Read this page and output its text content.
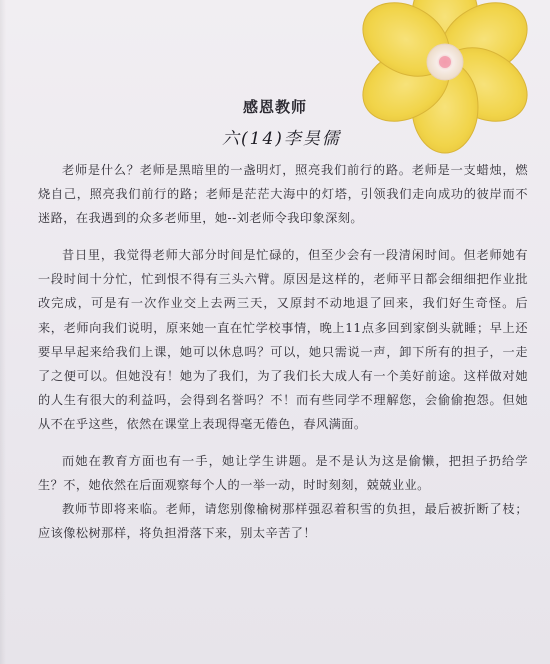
感恩教师
六(14)李昊儒
老师是什么？老师是黑暗里的一盏明灯，照亮我们前行的路。老师是一支蜡烛，燃烧自己，照亮我们前行的路；老师是茫茫大海中的灯塔，引领我们走向成功的彼岸而不迷路，在我遇到的众多老师里，她--刘老师令我印象深刻。
昔日里，我觉得老师大部分时间是忙碌的，但至少会有一段清闲时间。但老师她有一段时间十分忙，忙到恨不得有三头六臂。原因是这样的，老师平日都会细细把作业批改完成，可是有一次作业交上去两三天，又原封不动地退了回来，我们好生奇怪。后来，老师向我们说明，原来她一直在忙学校事情，晚上11点多回到家倒头就睡；早上还要早早起来给我们上课，她可以休息吗？可以，她只需说一声，卸下所有的担子，一走了之便可以。但她没有！她为了我们，为了我们长大成人有一个美好前途。这样做对她的人生有很大的利益吗，会得到名誉吗？不！而有些同学不理解您，会偷偷抱怨。但她从不在乎这些，依然在课堂上表现得毫无倦色，春风满面。
而她在教育方面也有一手，她让学生讲题。是不是认为这是偷懒，把担子扔给学生？不，她依然在后面观察每个人的一举一动，时时刻刻，兢兢业业。
教师节即将来临。老师，请您别像榆树那样强忍着积雪的负担，最后被折断了枝；应该像松树那样，将负担滑落下来，别太辛苦了！
